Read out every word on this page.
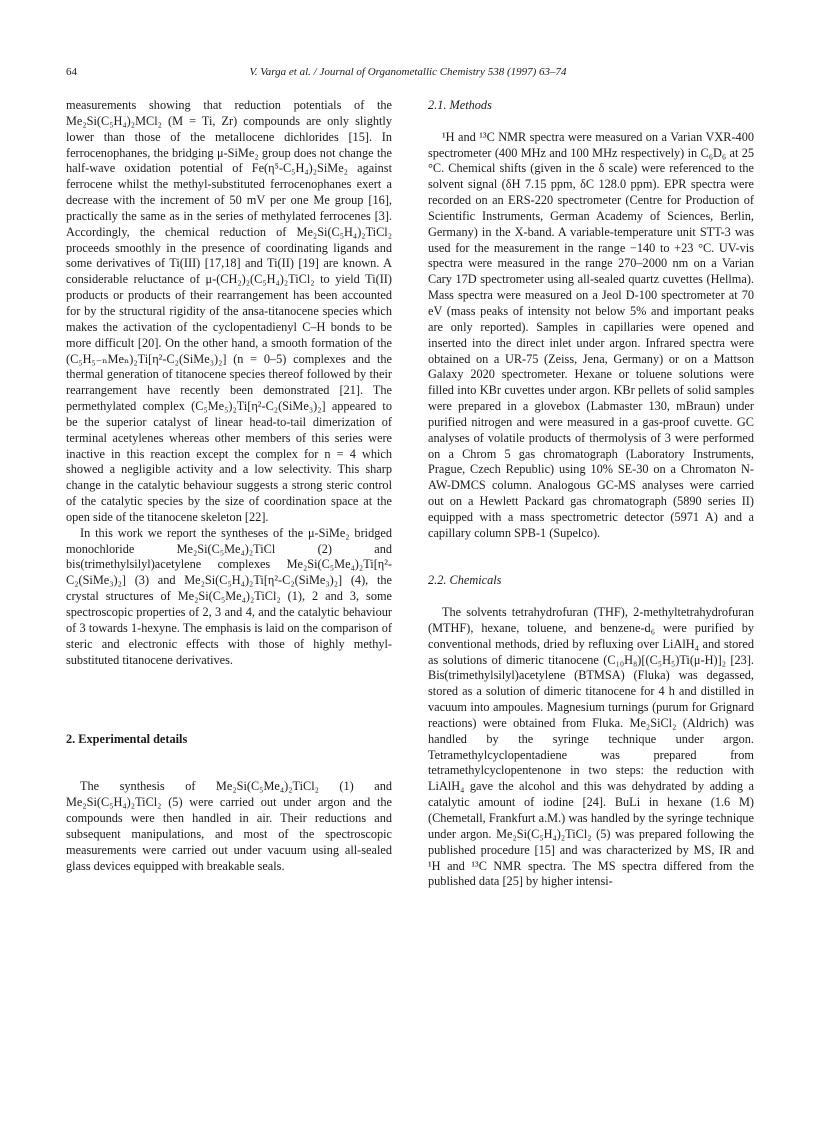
64	V. Varga et al. / Journal of Organometallic Chemistry 538 (1997) 63–74

measurements showing that reduction potentials of the Me₂Si(C₅H₄)₂MCl₂ (M = Ti, Zr) compounds are only slightly lower than those of the metallocene dichlorides [15]. In ferrocenophanes, the bridging μ-SiMe₂ group does not change the half-wave oxidation potential of Fe(η⁵-C₅H₄)₂SiMe₂ against ferrocene whilst the methyl-substituted ferrocenophanes exert a decrease with the increment of 50 mV per one Me group [16], practically the same as in the series of methylated ferrocenes [3]. Accordingly, the chemical reduction of Me₂Si(C₅H₄)₂TiCl₂ proceeds smoothly in the presence of coordinating ligands and some derivatives of Ti(III) [17,18] and Ti(II) [19] are known. A considerable reluctance of μ-(CH₂)₂(C₅H₄)₂TiCl₂ to yield Ti(II) products or products of their rearrangement has been accounted for by the structural rigidity of the ansa-titanocene species which makes the activation of the cyclopentadienyl C–H bonds to be more difficult [20]. On the other hand, a smooth formation of the (C₅H₅₋ₙMeₙ)₂Ti[η²-C₂(SiMe₃)₂] (n = 0–5) complexes and the thermal generation of titanocene species thereof followed by their rearrangement have recently been demonstrated [21]. The permethylated complex (C₅Me₅)₂Ti[η²-C₂(SiMe₃)₂] appeared to be the superior catalyst of linear head-to-tail dimerization of terminal acetylenes whereas other members of this series were inactive in this reaction except the complex for n = 4 which showed a negligible activity and a low selectivity. This sharp change in the catalytic behaviour suggests a strong steric control of the catalytic species by the size of coordination space at the open side of the titanocene skeleton [22].

In this work we report the syntheses of the μ-SiMe₂ bridged monochloride Me₂Si(C₅Me₄)₂TiCl (2) and bis(trimethylsilyl)acetylene complexes Me₂Si(C₅Me₄)₂Ti[η²-C₂(SiMe₃)₂] (3) and Me₂Si(C₅H₄)₂Ti[η²-C₂(SiMe₃)₂] (4), the crystal structures of Me₂Si(C₅Me₄)₂TiCl₂ (1), 2 and 3, some spectroscopic properties of 2, 3 and 4, and the catalytic behaviour of 3 towards 1-hexyne. The emphasis is laid on the comparison of steric and electronic effects with those of highly methyl-substituted titanocene derivatives.

2. Experimental details

The synthesis of Me₂Si(C₅Me₄)₂TiCl₂ (1) and Me₂Si(C₅H₄)₂TiCl₂ (5) were carried out under argon and the compounds were then handled in air. Their reductions and subsequent manipulations, and most of the spectroscopic measurements were carried out under vacuum using all-sealed glass devices equipped with breakable seals.

2.1. Methods

¹H and ¹³C NMR spectra were measured on a Varian VXR-400 spectrometer (400 MHz and 100 MHz respectively) in C₆D₆ at 25 °C. Chemical shifts (given in the δ scale) were referenced to the solvent signal (δH 7.15 ppm, δC 128.0 ppm). EPR spectra were recorded on an ERS-220 spectrometer (Centre for Production of Scientific Instruments, German Academy of Sciences, Berlin, Germany) in the X-band. A variable-temperature unit STT-3 was used for the measurement in the range −140 to +23 °C. UV-vis spectra were measured in the range 270–2000 nm on a Varian Cary 17D spectrometer using all-sealed quartz cuvettes (Hellma). Mass spectra were measured on a Jeol D-100 spectrometer at 70 eV (mass peaks of intensity not below 5% and important peaks are only reported). Samples in capillaries were opened and inserted into the direct inlet under argon. Infrared spectra were obtained on a UR-75 (Zeiss, Jena, Germany) or on a Mattson Galaxy 2020 spectrometer. Hexane or toluene solutions were filled into KBr cuvettes under argon. KBr pellets of solid samples were prepared in a glovebox (Labmaster 130, mBraun) under purified nitrogen and were measured in a gas-proof cuvette. GC analyses of volatile products of thermolysis of 3 were performed on a Chrom 5 gas chromatograph (Laboratory Instruments, Prague, Czech Republic) using 10% SE-30 on a Chromaton N-AW-DMCS column. Analogous GC-MS analyses were carried out on a Hewlett Packard gas chromatograph (5890 series II) equipped with a mass spectrometric detector (5971 A) and a capillary column SPB-1 (Supelco).

2.2. Chemicals

The solvents tetrahydrofuran (THF), 2-methyltetrahydrofuran (MTHF), hexane, toluene, and benzene-d₆ were purified by conventional methods, dried by refluxing over LiAlH₄ and stored as solutions of dimeric titanocene (C₁₀H₈)[(C₅H₅)Ti(μ-H)]₂ [23]. Bis(trimethylsilyl)acetylene (BTMSA) (Fluka) was degassed, stored as a solution of dimeric titanocene for 4 h and distilled in vacuum into ampoules. Magnesium turnings (purum for Grignard reactions) were obtained from Fluka. Me₂SiCl₂ (Aldrich) was handled by the syringe technique under argon. Tetramethylcyclopentadiene was prepared from tetramethylcyclopentenone in two steps: the reduction with LiAlH₄ gave the alcohol and this was dehydrated by adding a catalytic amount of iodine [24]. BuLi in hexane (1.6 M) (Chemetall, Frankfurt a.M.) was handled by the syringe technique under argon. Me₂Si(C₅H₄)₂TiCl₂ (5) was prepared following the published procedure [15] and was characterized by MS, IR and ¹H and ¹³C NMR spectra. The MS spectra differed from the published data [25] by higher intensi-
